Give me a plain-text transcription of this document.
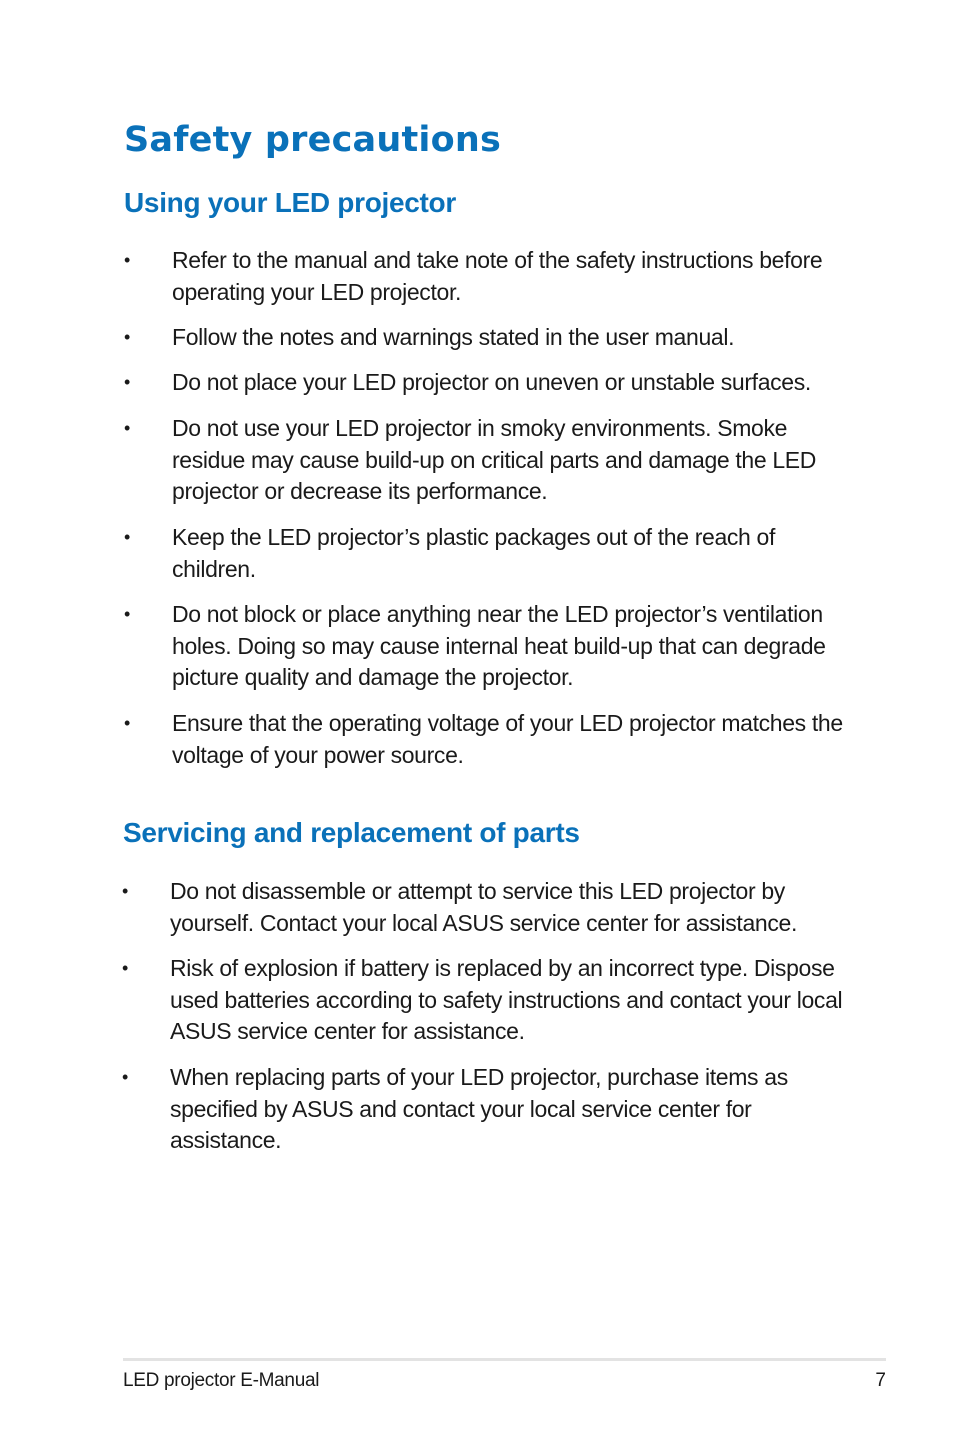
Safety precautions
Using your LED projector
• Refer to the manual and take note of the safety instructions before operating your LED projector.
• Follow the notes and warnings stated in the user manual.
• Do not place your LED projector on uneven or unstable surfaces.
• Do not use your LED projector in smoky environments. Smoke residue may cause build-up on critical parts and damage the LED projector or decrease its performance.
• Keep the LED projector’s plastic packages out of the reach of children.
• Do not block or place anything near the LED projector’s ventilation holes. Doing so may cause internal heat build-up that can degrade picture quality and damage the projector.
• Ensure that the operating voltage of your LED projector matches the voltage of your power source.
Servicing and replacement of parts
• Do not disassemble or attempt to service this LED projector by yourself. Contact your local ASUS service center for assistance.
• Risk of explosion if battery is replaced by an incorrect type. Dispose used batteries according to safety instructions and contact your local ASUS service center for assistance.
• When replacing parts of your LED projector, purchase items as specified by ASUS and contact your local service center for assistance.
LED projector E-Manual	7
